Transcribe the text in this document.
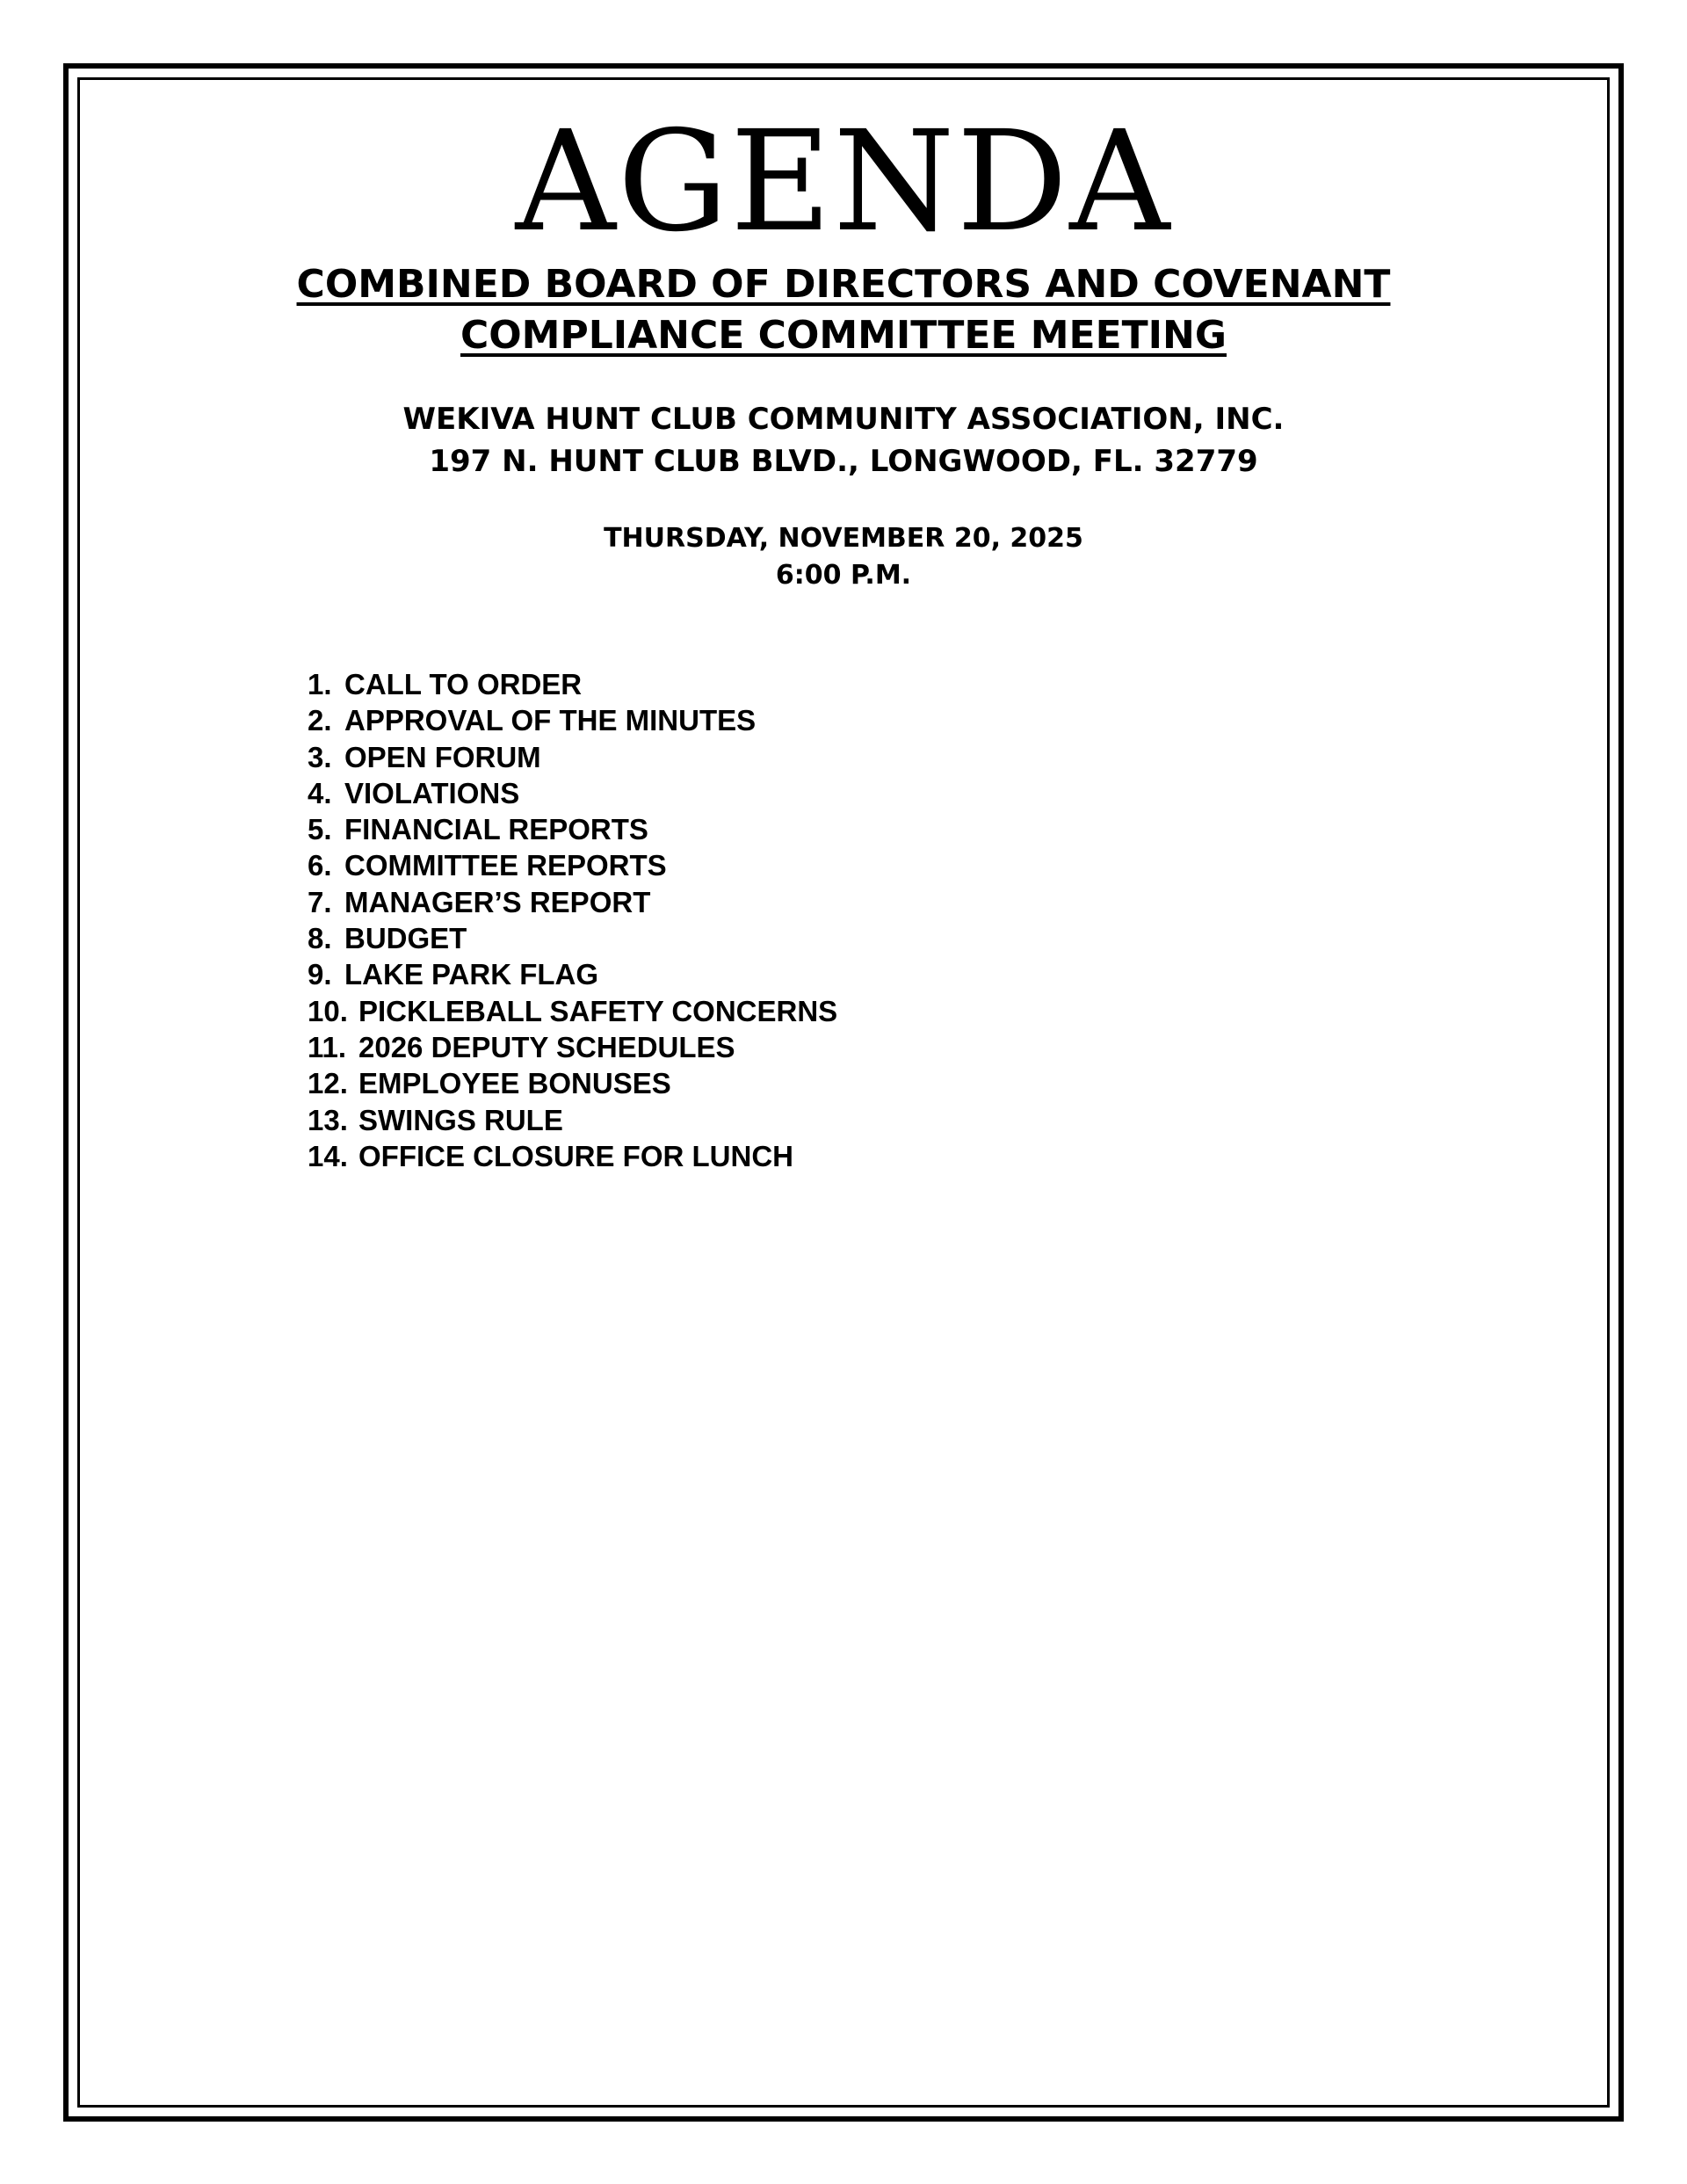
AGENDA
COMBINED BOARD OF DIRECTORS AND COVENANT
COMPLIANCE COMMITTEE MEETING
WEKIVA HUNT CLUB COMMUNITY ASSOCIATION, INC.
197 N. HUNT CLUB BLVD., LONGWOOD, FL. 32779
THURSDAY, NOVEMBER 20, 2025
6:00 P.M.
1. CALL TO ORDER
2. APPROVAL OF THE MINUTES
3. OPEN FORUM
4. VIOLATIONS
5. FINANCIAL REPORTS
6. COMMITTEE REPORTS
7. MANAGER’S REPORT
8. BUDGET
9. LAKE PARK FLAG
10. PICKLEBALL SAFETY CONCERNS
11. 2026 DEPUTY SCHEDULES
12. EMPLOYEE BONUSES
13. SWINGS RULE
14. OFFICE CLOSURE FOR LUNCH
